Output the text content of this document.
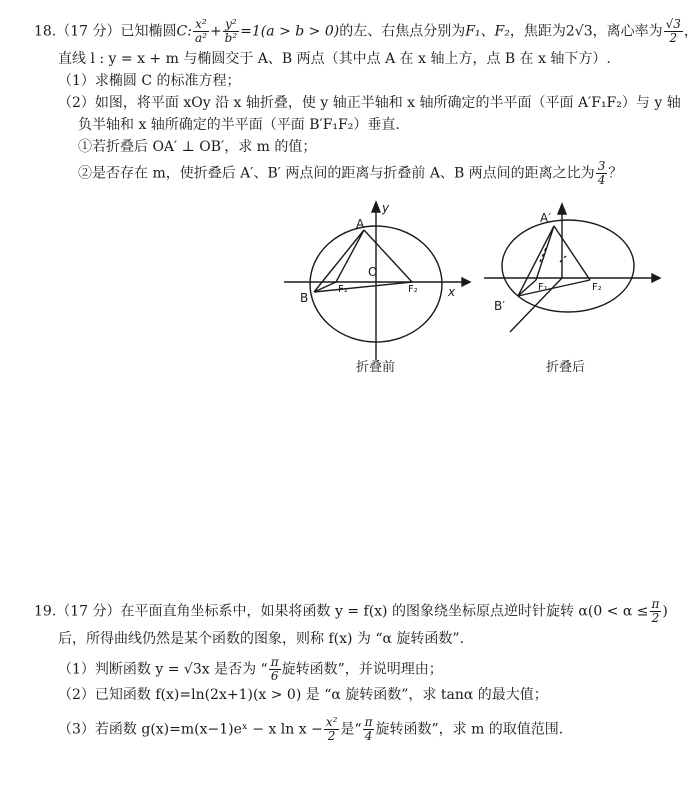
18.（17 分）已知椭圆C: $\frac{\text{x²}}{\text{a²}} + \frac{\text{y²}}{\text{b²}} =1(a > b > 0)$的左、右焦点分别为F₁、F₂，焦距为2√3，离心率为 $\frac{√3}{2}$ ，
直线 l : y = x + m 与椭圆交于 A、B 两点（其中点 A 在 x 轴上方，点 B 在 x 轴下方）.
（1）求椭圆 C 的标准方程；
（2）如图，将平面 xOy 沿 x 轴折叠，使 y 轴正半轴和 x 轴所确定的半平面（平面 A′F₁F₂）与 y 轴
负半轴和 x 轴所确定的半平面（平面 B′F₁F₂）垂直.
①若折叠后 OA′ ⊥ OB′，求 m 的值；
②是否存在 m，使折叠后 A′、B′ 两点间的距离与折叠前 A、B 两点间的距离之比为 $\frac{3}{4}$ ？
A
B
O
F₁	F₂	x
y
A′
B′
F₁	F₂
折叠前	折叠后
19.（17 分）在平面直角坐标系中，如果将函数 y = f(x) 的图象绕坐标原点逆时针旋转 $\alpha(0 < \alpha \le \frac{\pi}{2}$ )
后，所得曲线仍然是某个函数的图象，则称 f(x) 为 “α 旋转函数”.
（1）判断函数 y = √3x 是否为 “ $\frac{\pi}{6}$ 旋转函数”，并说明理由；
（2）已知函数 f(x)=ln(2x+1)(x > 0) 是 “α 旋转函数”，求 tanα 的最大值；
（3）若函数 g(x)=m(x−1)eˣ − x $\ln x - \frac{\text{x²}}{2}$ 是“ $\frac{\pi}{4}$ 旋转函数”，求 m 的取值范围.
